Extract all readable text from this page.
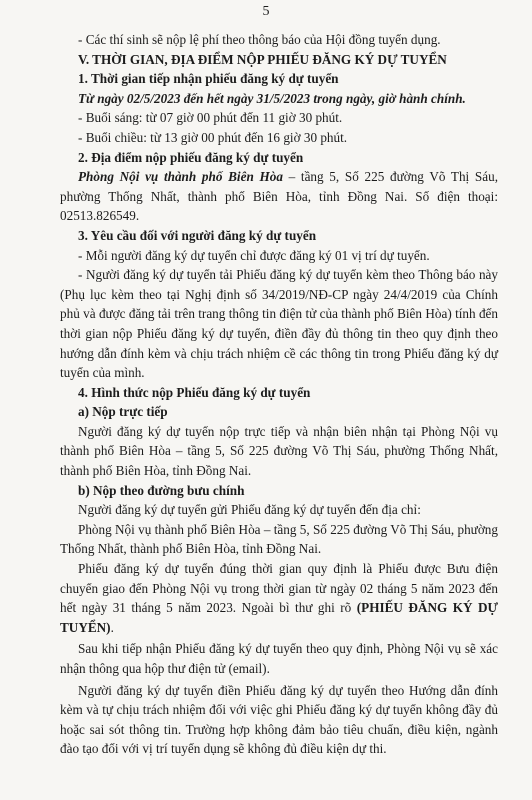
5

- Các thí sinh sẽ nộp lệ phí theo thông báo của Hội đồng tuyển dụng.

V. THỜI GIAN, ĐỊA ĐIỂM NỘP PHIẾU ĐĂNG KÝ DỰ TUYỂN

1. Thời gian tiếp nhận phiếu đăng ký dự tuyển

Từ ngày 02/5/2023 đến hết ngày 31/5/2023 trong ngày, giờ hành chính.

- Buổi sáng: từ 07 giờ 00 phút đến 11 giờ 30 phút.

- Buổi chiều: từ 13 giờ 00 phút đến 16 giờ 30 phút.

2. Địa điểm nộp phiếu đăng ký dự tuyển

Phòng Nội vụ thành phố Biên Hòa – tầng 5, Số 225 đường Võ Thị Sáu, phường Thống Nhất, thành phố Biên Hòa, tỉnh Đồng Nai. Số điện thoại: 02513.826549.

3. Yêu cầu đối với người đăng ký dự tuyển

- Mỗi người đăng ký dự tuyển chỉ được đăng ký 01 vị trí dự tuyển.

- Người đăng ký dự tuyển tải Phiếu đăng ký dự tuyển kèm theo Thông báo này (Phụ lục kèm theo tại Nghị định số 34/2019/NĐ-CP ngày 24/4/2019 của Chính phủ và được đăng tải trên trang thông tin điện tử của thành phố Biên Hòa) tính đến thời gian nộp Phiếu đăng ký dự tuyển, điền đầy đủ thông tin theo quy định theo hướng dẫn đính kèm và chịu trách nhiệm cề các thông tin trong Phiếu đăng ký dự tuyển của mình.

4. Hình thức nộp Phiếu đăng ký dự tuyển

a) Nộp trực tiếp

Người đăng ký dự tuyển nộp trực tiếp và nhận biên nhận tại Phòng Nội vụ thành phố Biên Hòa – tầng 5, Số 225 đường Võ Thị Sáu, phường Thống Nhất, thành phố Biên Hòa, tỉnh Đồng Nai.

b) Nộp theo đường bưu chính

Người đăng ký dự tuyển gửi Phiếu đăng ký dự tuyển đến địa chỉ:

Phòng Nội vụ thành phố Biên Hòa – tầng 5, Số 225 đường Võ Thị Sáu, phường Thống Nhất, thành phố Biên Hòa, tỉnh Đồng Nai.

Phiếu đăng ký dự tuyển đúng thời gian quy định là Phiếu được Bưu điện chuyển giao đến Phòng Nội vụ trong thời gian từ ngày 02 tháng 5 năm 2023 đến hết ngày 31 tháng 5 năm 2023. Ngoài bì thư ghi rõ (PHIẾU ĐĂNG KÝ DỰ TUYỂN).

Sau khi tiếp nhận Phiếu đăng ký dự tuyển theo quy định, Phòng Nội vụ sẽ xác nhận thông qua hộp thư điện tử (email).

Người đăng ký dự tuyển điền Phiếu đăng ký dự tuyển theo Hướng dẫn đính kèm và tự chịu trách nhiệm đối với việc ghi Phiếu đăng ký dự tuyển không đầy đủ hoặc sai sót thông tin. Trường hợp không đảm bảo tiêu chuẩn, điều kiện, ngành đào tạo đối với vị trí tuyển dụng sẽ không đủ điều kiện dự thi.
